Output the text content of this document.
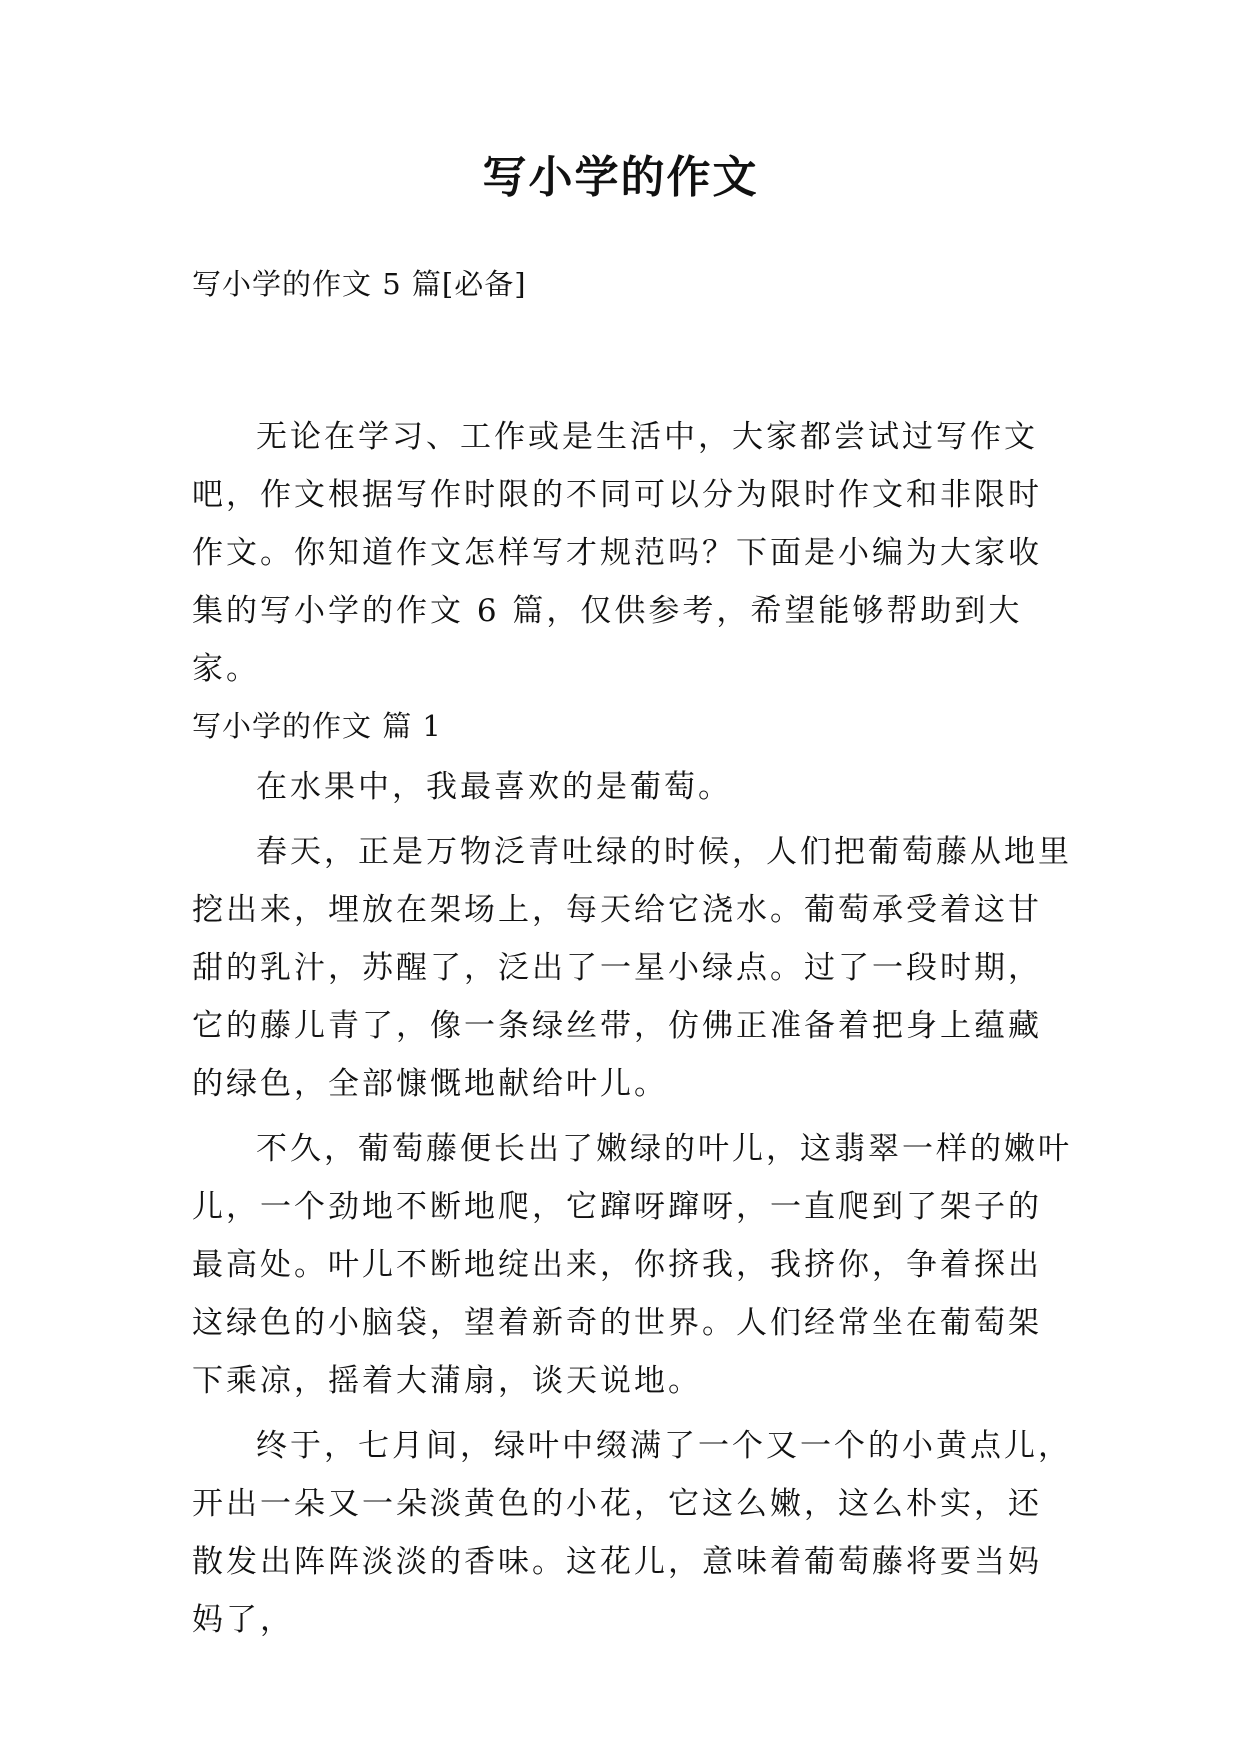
写小学的作文
写小学的作文 5 篇[必备]

无论在学习、工作或是生活中，大家都尝试过写作文吧，作文根据写作时限的不同可以分为限时作文和非限时作文。你知道作文怎样写才规范吗？下面是小编为大家收集的写小学的作文 6 篇，仅供参考，希望能够帮助到大家。

写小学的作文 篇 1

在水果中，我最喜欢的是葡萄。

春天，正是万物泛青吐绿的时候，人们把葡萄藤从地里挖出来，埋放在架场上，每天给它浇水。葡萄承受着这甘甜的乳汁，苏醒了，泛出了一星小绿点。过了一段时期，它的藤儿青了，像一条绿丝带，仿佛正准备着把身上蕴藏的绿色，全部慷慨地献给叶儿。

不久，葡萄藤便长出了嫩绿的叶儿，这翡翠一样的嫩叶儿，一个劲地不断地爬，它蹿呀蹿呀，一直爬到了架子的最高处。叶儿不断地绽出来，你挤我，我挤你，争着探出这绿色的小脑袋，望着新奇的世界。人们经常坐在葡萄架下乘凉，摇着大蒲扇，谈天说地。

终于，七月间，绿叶中缀满了一个又一个的小黄点儿，开出一朵又一朵淡黄色的小花，它这么嫩，这么朴实，还散发出阵阵淡淡的香味。这花儿，意味着葡萄藤将要当妈妈了，
